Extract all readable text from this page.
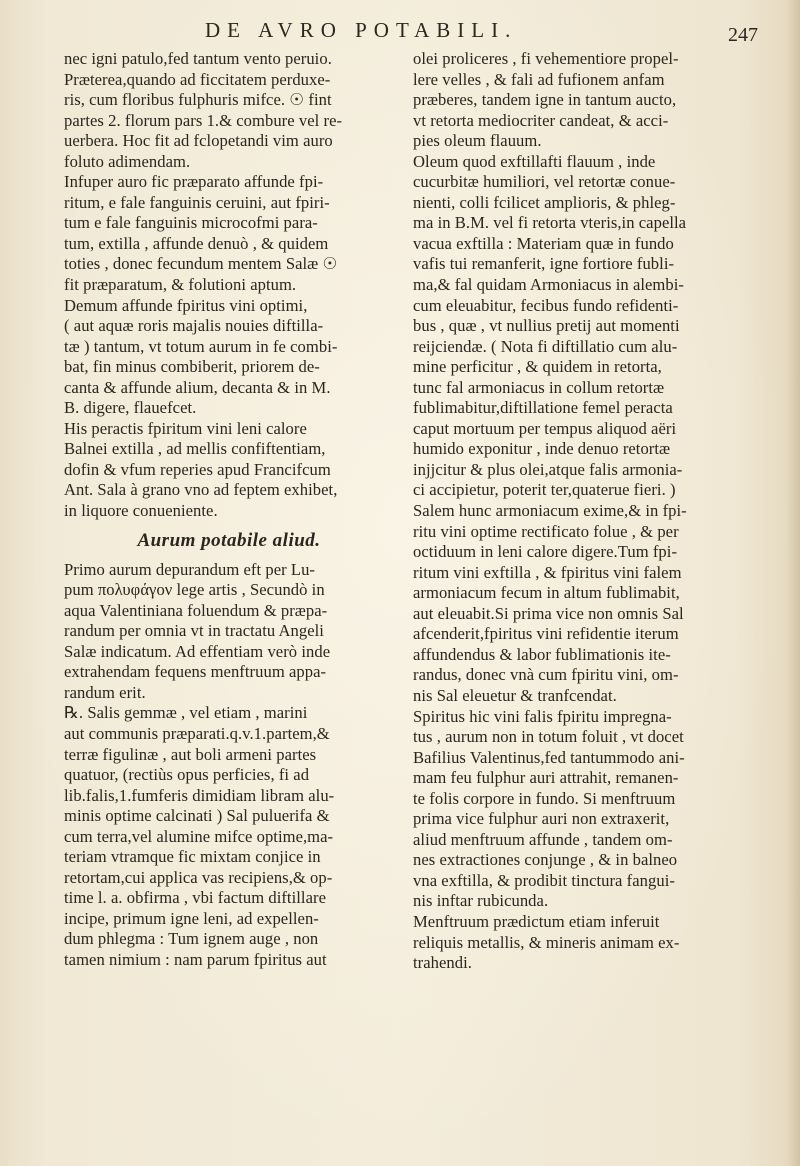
DE AVRO POTABILI.	247
nec igni patulo,fed tantum vento peruio.
Præterea,quando ad ficcitatem perduxe-
ris, cum floribus fulphuris mifce. ☉ fint
partes 2. florum pars 1.& combure vel re-
uerbera. Hoc fit ad fclopetandi vim auro
foluto adimendam.
Infuper auro fic præparato affunde fpi-
ritum, e fale fanguinis ceruini, aut fpiri-
tum e fale fanguinis microcofmi para-
tum, extilla , affunde denuò , & quidem
toties , donec fecundum mentem Salæ ☉
fit præparatum, & folutioni aptum.
Demum affunde fpiritus vini optimi,
( aut aquæ roris majalis nouies diftilla-
tæ ) tantum, vt totum aurum in fe combi-
bat, fin minus combiberit, priorem de-
canta & affunde alium, decanta & in M.
B. digere, flauefcet.
His peractis fpiritum vini leni calore
Balnei extilla , ad mellis confiftentiam,
dofin & vfum reperies apud Francifcum
Ant. Sala à grano vno ad feptem exhibet,
in liquore conueniente.
Aurum potabile aliud.
Primo aurum depurandum eft per Lu-
pum πολυφάγον lege artis , Secundò in
aqua Valentiniana foluendum & præpa-
randum per omnia vt in tractatu Angeli
Salæ indicatum. Ad effentiam verò inde
extrahendam fequens menftruum appa-
randum erit.
℞. Salis gemmæ , vel etiam , marini
aut communis præparati.q.v.1.partem,&
terræ figulinæ , aut boli armeni partes
quatuor, (rectiùs opus perficies, fi ad
lib.falis,1.fumferis dimidiam libram alu-
minis optime calcinati ) Sal puluerifa &
cum terra,vel alumine mifce optime,ma-
teriam vtramque fic mixtam conjice in
retortam,cui applica vas recipiens,& op-
time l. a. obfirma , vbi factum diftillare
incipe, primum igne leni, ad expellen-
dum phlegma : Tum ignem auge , non
tamen nimium : nam parum fpiritus aut
olei proliceres , fi vehementiore propel-
lere velles , & fali ad fufionem anfam
præberes, tandem igne in tantum aucto,
vt retorta mediocriter candeat, & acci-
pies oleum flauum.
Oleum quod exftillafti flauum , inde
cucurbitæ humiliori, vel retortæ conue-
nienti, colli fcilicet amplioris, & phleg-
ma in B.M. vel fi retorta vteris,in capella
vacua exftilla : Materiam quæ in fundo
vafis tui remanferit, igne fortiore fubli-
ma,& fal quidam Armoniacus in alembi-
cum eleuabitur, fecibus fundo refidenti-
bus , quæ , vt nullius pretij aut momenti
reijciendæ. ( Nota fi diftillatio cum alu-
mine perficitur , & quidem in retorta,
tunc fal armoniacus in collum retortæ
fublimabitur,diftillatione femel peracta
caput mortuum per tempus aliquod aëri
humido exponitur , inde denuo retortæ
injjcitur & plus olei,atque falis armonia-
ci accipietur, poterit ter,quaterue fieri. )
Salem hunc armoniacum exime,& in fpi-
ritu vini optime rectificato folue , & per
octiduum in leni calore digere.Tum fpi-
ritum vini exftilla , & fpiritus vini falem
armoniacum fecum in altum fublimabit,
aut eleuabit.Si prima vice non omnis Sal
afcenderit,fpiritus vini refidentie iterum
affundendus & labor fublimationis ite-
randus, donec vnà cum fpiritu vini, om-
nis Sal eleuetur & tranfcendat.
Spiritus hic vini falis fpiritu impregna-
tus , aurum non in totum foluit , vt docet
Bafilius Valentinus,fed tantummodo ani-
mam feu fulphur auri attrahit, remanen-
te folis corpore in fundo. Si menftruum
prima vice fulphur auri non extraxerit,
aliud menftruum affunde , tandem om-
nes extractiones conjunge , & in balneo
vna exftilla, & prodibit tinctura fangui-
nis inftar rubicunda.
Menftruum prædictum etiam inferuit
reliquis metallis, & mineris animam ex-
trahendi.
